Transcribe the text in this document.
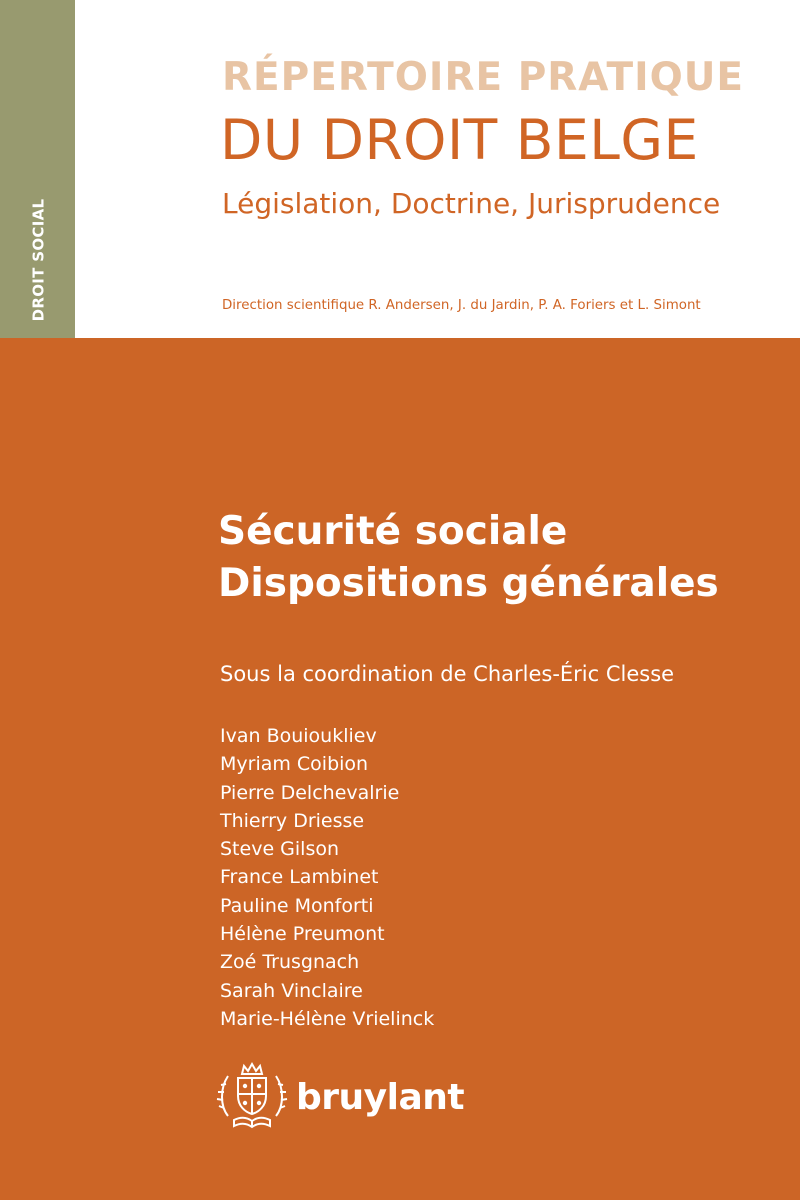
DROIT SOCIAL
RÉPERTOIRE PRATIQUE
DU DROIT BELGE
Législation, Doctrine, Jurisprudence
Direction scientifique R. Andersen, J. du Jardin, P. A. Foriers et L. Simont
Sécurité sociale
Dispositions générales
Sous la coordination de Charles-Éric Clesse
Ivan Bouioukliev
Myriam Coibion
Pierre Delchevalrie
Thierry Driesse
Steve Gilson
France Lambinet
Pauline Monforti
Hélène Preumont
Zoé Trusgnach
Sarah Vinclaire
Marie-Hélène Vrielinck
bruylant
